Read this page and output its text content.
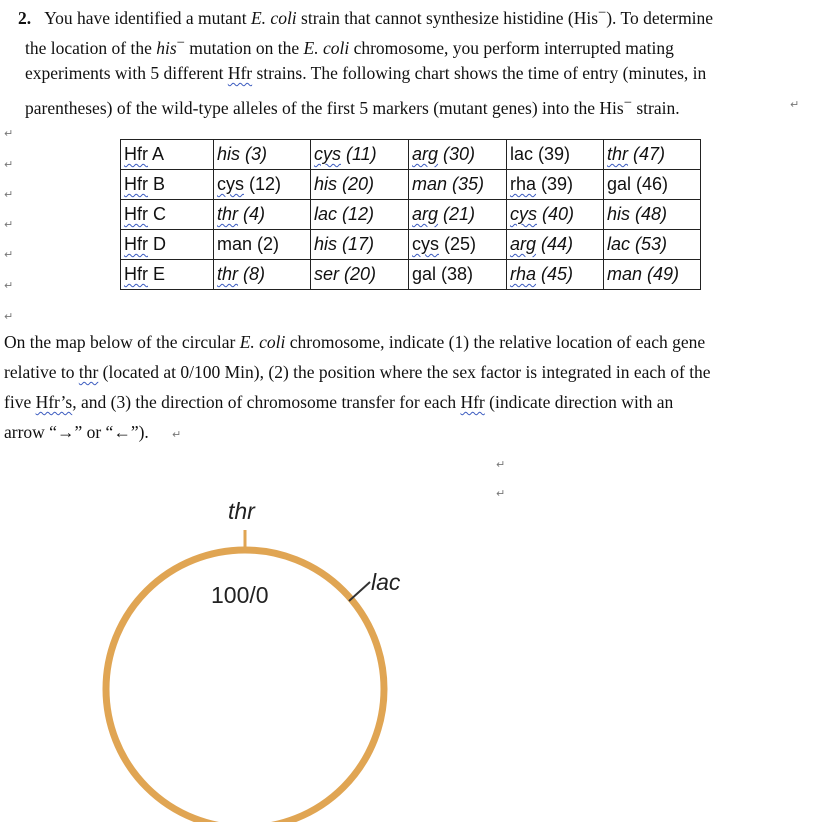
2. You have identified a mutant E. coli strain that cannot synthesize histidine (His−). To determine
the location of the his− mutation on the E. coli chromosome, you perform interrupted mating
experiments with 5 different Hfr strains. The following chart shows the time of entry (minutes, in
parentheses) of the wild-type alleles of the first 5 markers (mutant genes) into the His− strain.	↵
↵
↵
↵
↵
↵
↵
↵
Hfr A	his (3)	cys (11)	arg (30)	lac (39)	thr (47)
Hfr B	cys (12)	his (20)	man (35)	rha (39)	gal (46)
Hfr C	thr (4)	lac (12)	arg (21)	cys (40)	his (48)
Hfr D	man (2)	his (17)	cys (25)	arg (44)	lac (53)
Hfr E	thr (8)	ser (20)	gal (38)	rha (45)	man (49)
On the map below of the circular E. coli chromosome, indicate (1) the relative location of each gene
relative to thr (located at 0/100 Min), (2) the position where the sex factor is integrated in each of the
five Hfr’s, and (3) the direction of chromosome transfer for each Hfr (indicate direction with an
arrow “→” or “←”). ↵
↵
↵
thr
100/0	lac
